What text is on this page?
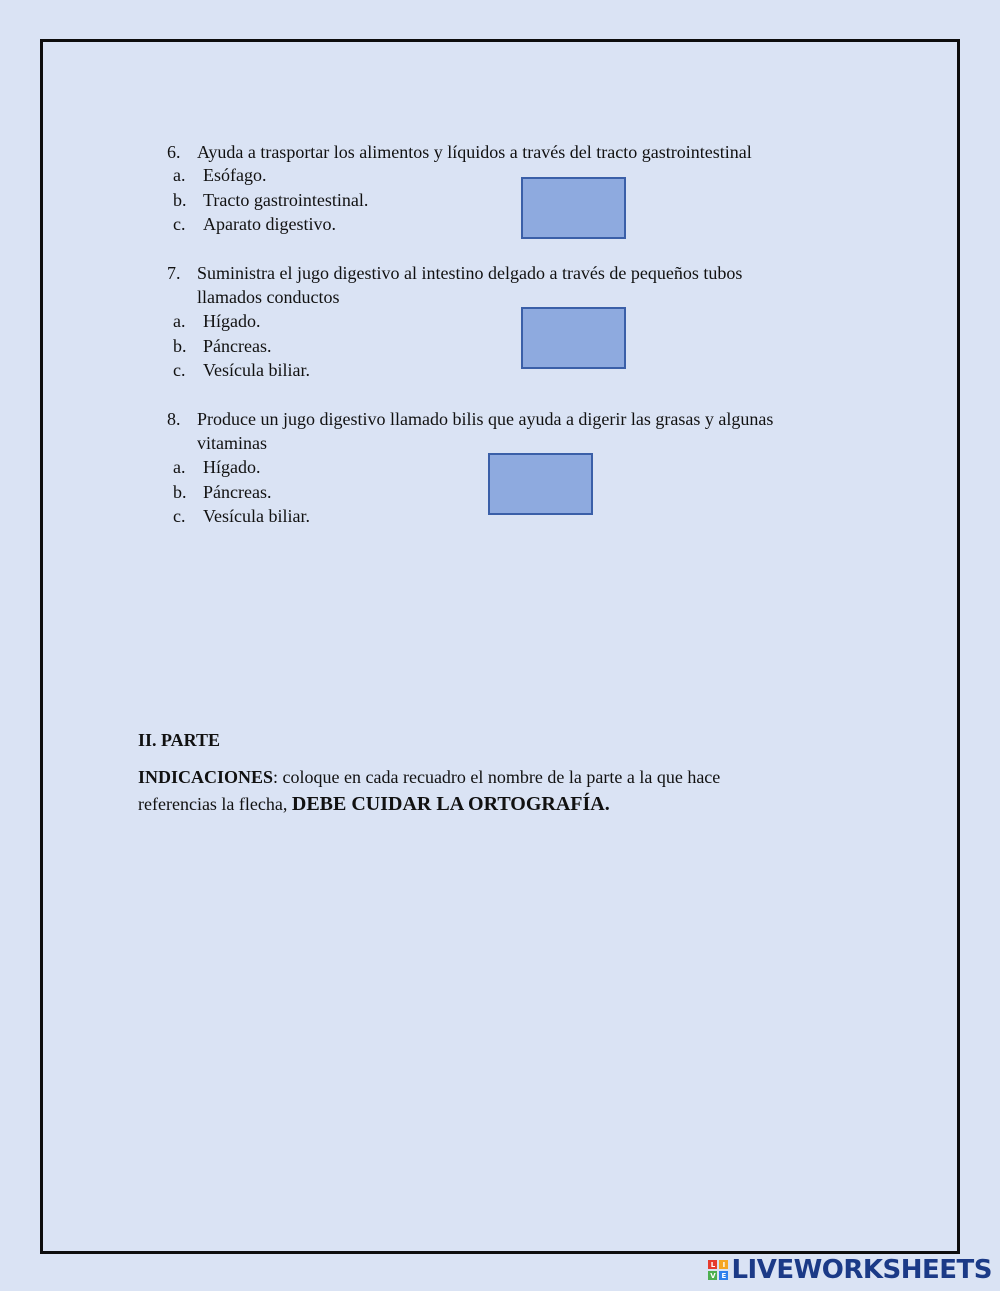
6. Ayuda a trasportar los alimentos y líquidos a través del tracto gastrointestinal
a. Esófago.
b. Tracto gastrointestinal.
c. Aparato digestivo.
7. Suministra el jugo digestivo al intestino delgado a través de pequeños tubos
llamados conductos
a. Hígado.
b. Páncreas.
c. Vesícula biliar.
8. Produce un jugo digestivo llamado bilis que ayuda a digerir las grasas y algunas
vitaminas
a. Hígado.
b. Páncreas.
c. Vesícula biliar.
II. PARTE
INDICACIONES: coloque en cada recuadro el nombre de la parte a la que hace
referencias la flecha, DEBE CUIDAR LA ORTOGRAFÍA.
L	I
V E LIVEWORKSHEETS
